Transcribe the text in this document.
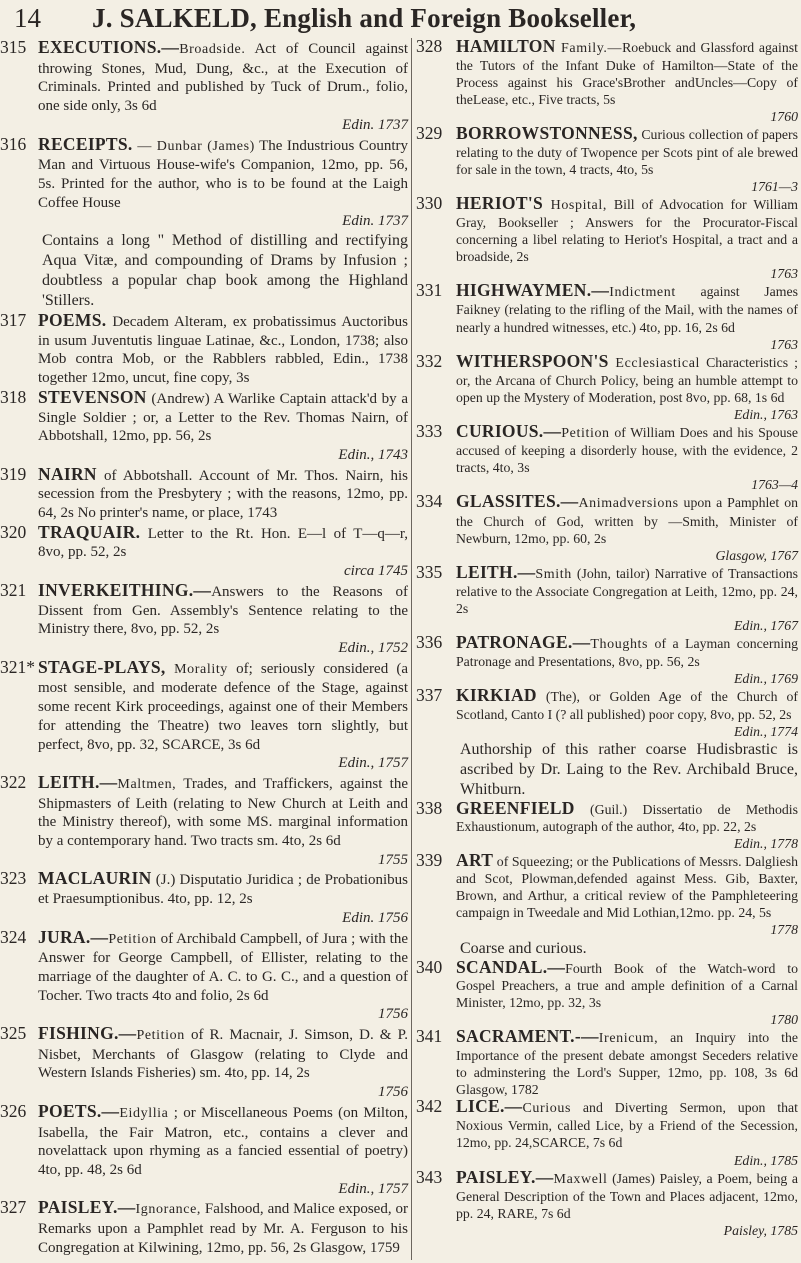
14 J. SALKELD, English and Foreign Bookseller,

315 EXECUTIONS.—Broadside. Act of Council against throwing Stones, Mud, Dung, &c., at the Execution of Criminals. Printed and published by Tuck of Drum., folio, one side only, 3s 6d
Edin. 1737

316 RECEIPTS. — Dunbar (James) The Industrious Country Man and Virtuous House-wife's Companion, 12mo, pp. 56, 5s. Printed for the author, who is to be found at the Laigh Coffee House
Edin. 1737

Contains a long " Method of distilling and rectifying Aqua Vitæ, and compounding of Drams by Infusion ; doubtless a popular chap book among the Highland 'Stillers.

317 POEMS. Decadem Alteram, ex probatissimus Auctoribus in usum Juventutis linguae Latinae, &c., London, 1738; also Mob contra Mob, or the Rabblers rabbled, Edin., 1738 together 12mo, uncut, fine copy, 3s

318 STEVENSON (Andrew) A Warlike Captain attack'd by a Single Soldier ; or, a Letter to the Rev. Thomas Nairn, of Abbotshall, 12mo, pp. 56, 2s
Edin., 1743

319 NAIRN of Abbotshall. Account of Mr. Thos. Nairn, his secession from the Presbytery ; with the reasons, 12mo, pp. 64, 2s No printer's name, or place, 1743

320 TRAQUAIR. Letter to the Rt. Hon. E—l of T—q—r, 8vo, pp. 52, 2s
circa 1745

321 INVERKEITHING.—Answers to the Reasons of Dissent from Gen. Assembly's Sentence relating to the Ministry there, 8vo, pp. 52, 2s
Edin., 1752

321* STAGE-PLAYS, Morality of; seriously considered (a most sensible, and moderate defence of the Stage, against some recent Kirk proceedings, against one of their Members for attending the Theatre) two leaves torn slightly, but perfect, 8vo, pp. 32, SCARCE, 3s 6d
Edin., 1757

322 LEITH.—Maltmen, Trades, and Traffickers, against the Shipmasters of Leith (relating to New Church at Leith and the Ministry thereof), with some MS. marginal information by a contemporary hand. Two tracts sm. 4to, 2s 6d
1755

323 MACLAURIN (J.) Disputatio Juridica ; de Probationibus et Praesumptionibus. 4to, pp. 12, 2s
Edin. 1756

324 JURA.—Petition of Archibald Campbell, of Jura ; with the Answer for George Campbell, of Ellister, relating to the marriage of the daughter of A. C. to G. C., and a question of Tocher. Two tracts 4to and folio, 2s 6d
1756

325 FISHING.—Petition of R. Macnair, J. Simson, D. & P. Nisbet, Merchants of Glasgow (relating to Clyde and Western Islands Fisheries) sm. 4to, pp. 14, 2s
1756

326 POETS.—Eidyllia ; or Miscellaneous Poems (on Milton, Isabella, the Fair Matron, etc., contains a clever and novelattack upon rhyming as a fancied essential of poetry) 4to, pp. 48, 2s 6d
Edin., 1757

327 PAISLEY.—Ignorance, Falshood, and Malice exposed, or Remarks upon a Pamphlet read by Mr. A. Ferguson to his Congregation at Kilwining, 12mo, pp. 56, 2s Glasgow, 1759

328 HAMILTON Family.—Roebuck and Glassford against the Tutors of the Infant Duke of Hamilton—State of the Process against his Grace'sBrother andUncles—Copy of theLease, etc., Five tracts, 5s
1760

329 BORROWSTONNESS, Curious collection of papers relating to the duty of Twopence per Scots pint of ale brewed for sale in the town, 4 tracts, 4to, 5s
1761—3

330 HERIOT'S Hospital, Bill of Advocation for William Gray, Bookseller ; Answers for the Procurator-Fiscal concerning a libel relating to Heriot's Hospital, a tract and a broadside, 2s
1763

331 HIGHWAYMEN.—Indictment against James Faikney (relating to the rifling of the Mail, with the names of nearly a hundred witnesses, etc.) 4to, pp. 16, 2s 6d
1763

332 WITHERSPOON'S Ecclesiastical Characteristics ; or, the Arcana of Church Policy, being an humble attempt to open up the Mystery of Moderation, post 8vo, pp. 68, 1s 6d
Edin., 1763

333 CURIOUS.—Petition of William Does and his Spouse accused of keeping a disorderly house, with the evidence, 2 tracts, 4to, 3s
1763—4

334 GLASSITES.—Animadversions upon a Pamphlet on the Church of God, written by —Smith, Minister of Newburn, 12mo, pp. 60, 2s
Glasgow, 1767

335 LEITH.—Smith (John, tailor) Narrative of Transactions relative to the Associate Congregation at Leith, 12mo, pp. 24, 2s
Edin., 1767

336 PATRONAGE.—Thoughts of a Layman concerning Patronage and Presentations, 8vo, pp. 56, 2s
Edin., 1769

337 KIRKIAD (The), or Golden Age of the Church of Scotland, Canto I (? all published) poor copy, 8vo, pp. 52, 2s
Edin., 1774

Authorship of this rather coarse Hudisbrastic is ascribed by Dr. Laing to the Rev. Archibald Bruce, Whitburn.

338 GREENFIELD (Guil.) Dissertatio de Methodis Exhaustionum, autograph of the author, 4to, pp. 22, 2s
Edin., 1778

339 ART of Squeezing; or the Publications of Messrs. Dalgliesh and Scot, Plowman,defended against Mess. Gib, Baxter, Brown, and Arthur, a critical review of the Pamphleteering campaign in Tweedale and Mid Lothian,12mo. pp. 24, 5s
1778

Coarse and curious.

340 SCANDAL.—Fourth Book of the Watch-word to Gospel Preachers, a true and ample definition of a Carnal Minister, 12mo, pp. 32, 3s
1780

341 SACRAMENT.-—Irenicum, an Inquiry into the Importance of the present debate amongst Seceders relative to adminstering the Lord's Supper, 12mo, pp. 108, 3s 6d Glasgow, 1782

342 LICE.—Curious and Diverting Sermon, upon that Noxious Vermin, called Lice, by a Friend of the Secession, 12mo, pp. 24,SCARCE, 7s 6d
Edin., 1785

343 PAISLEY.—Maxwell (James) Paisley, a Poem, being a General Description of the Town and Places adjacent, 12mo, pp. 24, RARE, 7s 6d
Paisley, 1785
